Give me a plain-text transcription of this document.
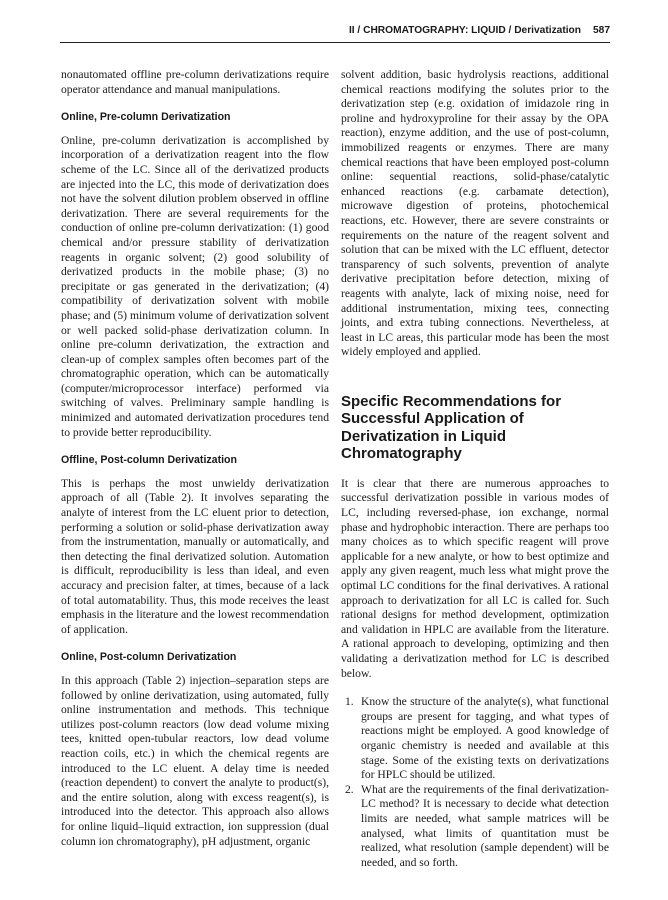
II / CHROMATOGRAPHY: LIQUID / Derivatization 587

nonautomated offline pre-column derivatizations require operator attendance and manual manipulations.

Online, Pre-column Derivatization

Online, pre-column derivatization is accomplished by incorporation of a derivatization reagent into the flow scheme of the LC. Since all of the derivatized products are injected into the LC, this mode of derivatization does not have the solvent dilution problem observed in offline derivatization. There are several requirements for the conduction of online pre-column derivatization: (1) good chemical and/or pressure stability of derivatization reagents in organic solvent; (2) good solubility of derivatized products in the mobile phase; (3) no precipitate or gas generated in the derivatization; (4) compatibility of derivatization solvent with mobile phase; and (5) minimum volume of derivatization solvent or well packed solid-phase derivatization column. In online pre-column derivatization, the extraction and clean-up of complex samples often becomes part of the chromatographic operation, which can be automatically (computer/microprocessor interface) performed via switching of valves. Preliminary sample handling is minimized and automated derivatization procedures tend to provide better reproducibility.

Offline, Post-column Derivatization

This is perhaps the most unwieldy derivatization approach of all (Table 2). It involves separating the analyte of interest from the LC eluent prior to detection, performing a solution or solid-phase derivatization away from the instrumentation, manually or automatically, and then detecting the final derivatized solution. Automation is difficult, reproducibility is less than ideal, and even accuracy and precision falter, at times, because of a lack of total automatability. Thus, this mode receives the least emphasis in the literature and the lowest recommendation of application.

Online, Post-column Derivatization

In this approach (Table 2) injection–separation steps are followed by online derivatization, using automated, fully online instrumentation and methods. This technique utilizes post-column reactors (low dead volume mixing tees, knitted open-tubular reactors, low dead volume reaction coils, etc.) in which the chemical regents are introduced to the LC eluent. A delay time is needed (reaction dependent) to convert the analyte to product(s), and the entire solution, along with excess reagent(s), is introduced into the detector. This approach also allows for online liquid–liquid extraction, ion suppression (dual column ion chromatography), pH adjustment, organic

solvent addition, basic hydrolysis reactions, additional chemical reactions modifying the solutes prior to the derivatization step (e.g. oxidation of imidazole ring in proline and hydroxyproline for their assay by the OPA reaction), enzyme addition, and the use of post-column, immobilized reagents or enzymes. There are many chemical reactions that have been employed post-column online: sequential reactions, solid-phase/catalytic enhanced reactions (e.g. carbamate detection), microwave digestion of proteins, photochemical reactions, etc. However, there are severe constraints or requirements on the nature of the reagent solvent and solution that can be mixed with the LC effluent, detector transparency of such solvents, prevention of analyte derivative precipitation before detection, mixing of reagents with analyte, lack of mixing noise, need for additional instrumentation, mixing tees, connecting joints, and extra tubing connections. Nevertheless, at least in LC areas, this particular mode has been the most widely employed and applied.

Specific Recommendations for Successful Application of Derivatization in Liquid Chromatography

It is clear that there are numerous approaches to successful derivatization possible in various modes of LC, including reversed-phase, ion exchange, normal phase and hydrophobic interaction. There are perhaps too many choices as to which specific reagent will prove applicable for a new analyte, or how to best optimize and apply any given reagent, much less what might prove the optimal LC conditions for the final derivatives. A rational approach to derivatization for all LC is called for. Such rational designs for method development, optimization and validation in HPLC are available from the literature. A rational approach to developing, optimizing and then validating a derivatization method for LC is described below.

1. Know the structure of the analyte(s), what functional groups are present for tagging, and what types of reactions might be employed. A good knowledge of organic chemistry is needed and available at this stage. Some of the existing texts on derivatizations for HPLC should be utilized.
2. What are the requirements of the final derivatization-LC method? It is necessary to decide what detection limits are needed, what sample matrices will be analysed, what limits of quantitation must be realized, what resolution (sample dependent) will be needed, and so forth.
